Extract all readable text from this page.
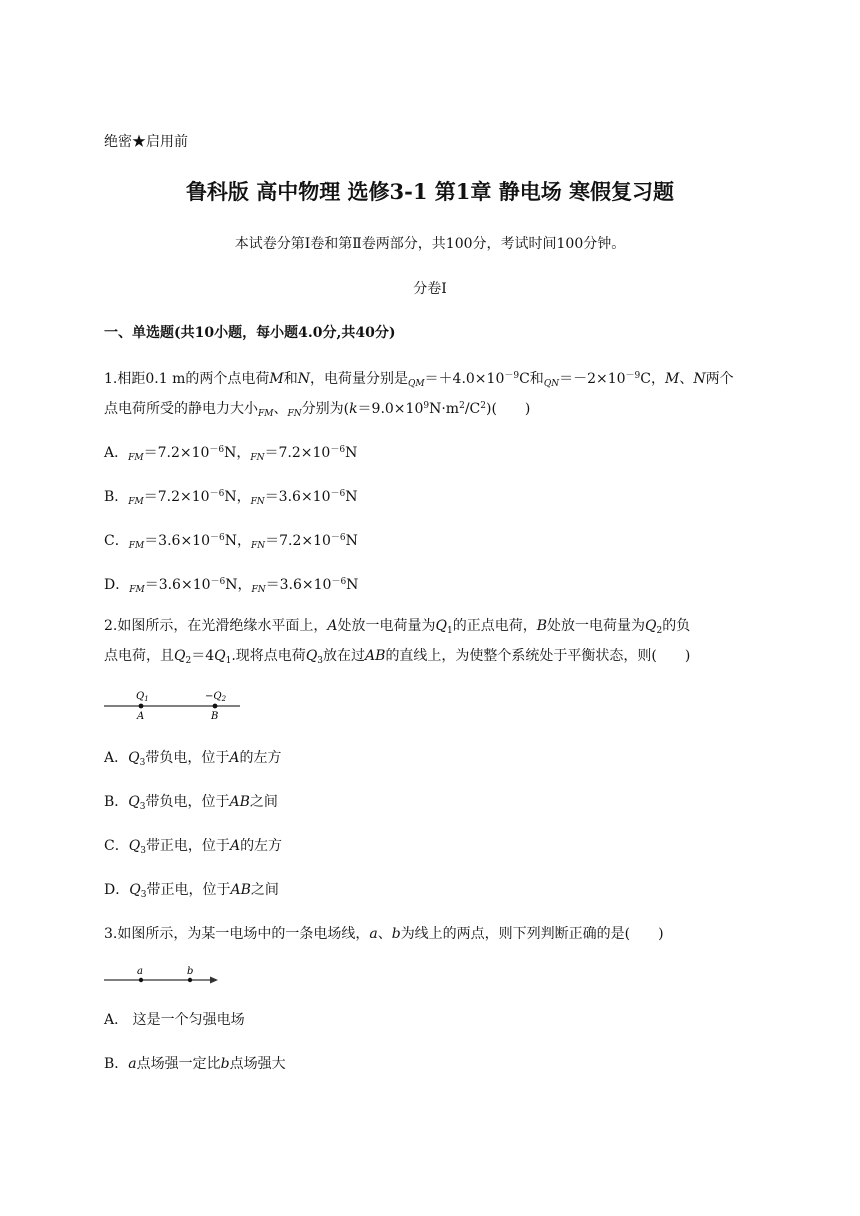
绝密★启用前
鲁科版 高中物理 选修3-1 第1章 静电场 寒假复习题
本试卷分第Ⅰ卷和第Ⅱ卷两部分，共100分，考试时间100分钟。
分卷I
一、单选题(共10小题，每小题4.0分,共40分)
1.相距0.1 m的两个点电荷M和N，电荷量分别是$_{QM}=+4.0\times 10^{-9}C$和$_{QN}=-2\times 10^{-9}C$，M、N两个
点电荷所受的静电力大小$_{FM}$、$_{FN}$分别为$(k=9.0\times 10^9N\cdot m^2/C^2)$(　　)
A．$_{FM}=7.2\times 10^{-6}N$，$_{FN}=7.2\times 10^{-6}N$
B．$_{FM}=7.2\times 10^{-6}N$，$_{FN}=3.6\times 10^{-6}N$
C．$_{FM}=3.6\times 10^{-6}N$，$_{FN}=7.2\times 10^{-6}N$
D．$_{FM}=3.6\times 10^{-6}N$，$_{FN}=3.6\times 10^{-6}N$
2.如图所示，在光滑绝缘水平面上，A处放一电荷量为$Q_1$的正点电荷，B处放一电荷量为$Q_2$的负
点电荷，且$Q_2=4Q_1$.现将点电荷$Q_3$放在过AB的直线上，为使整个系统处于平衡状态，则(　　)
$Q_1$	$-Q_2$
A	B
A．$Q_3$带负电，位于A的左方
B．$Q_3$带负电，位于AB之间
C．$Q_3$带正电，位于A的左方
D．$Q_3$带正电，位于AB之间
3.如图所示，为某一电场中的一条电场线，a、b为线上的两点，则下列判断正确的是(　　)
a	b
A． 这是一个匀强电场
B．a点场强一定比b点场强大
